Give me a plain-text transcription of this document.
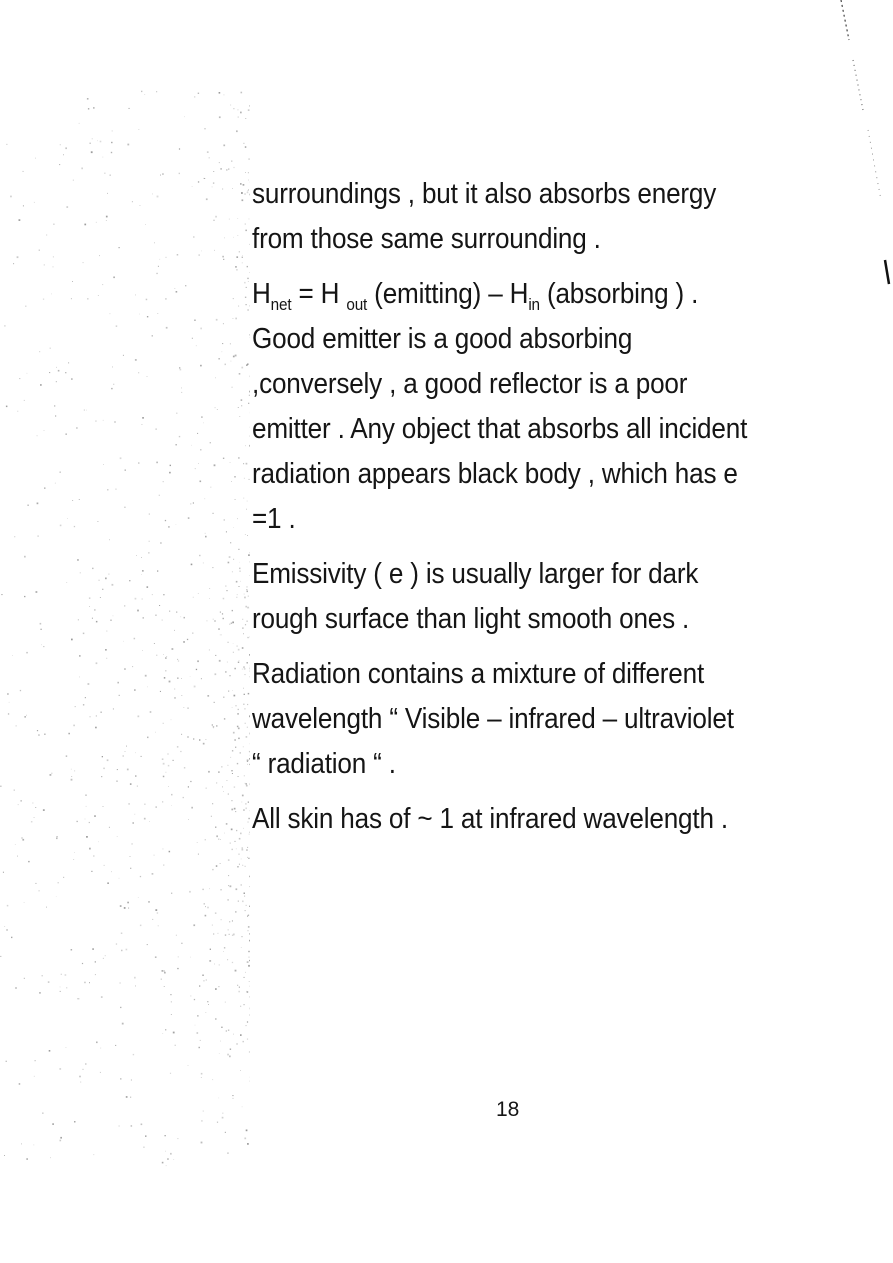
surroundings , but it also absorbs energy
from those same surrounding .
$H_{net} = H$ $_{out}$ (emitting) – $H_{in}$ (absorbing ) .
Good emitter is a good absorbing
,conversely , a good reflector is a poor
emitter . Any object that absorbs all incident
radiation appears black body , which has e
=1 .
Emissivity ( e ) is usually larger for dark
rough surface than light smooth ones .
Radiation contains a mixture of different
wavelength “ Visible – infrared – ultraviolet
“ radiation “ .
All skin has of ~ 1 at infrared wavelength .
18
